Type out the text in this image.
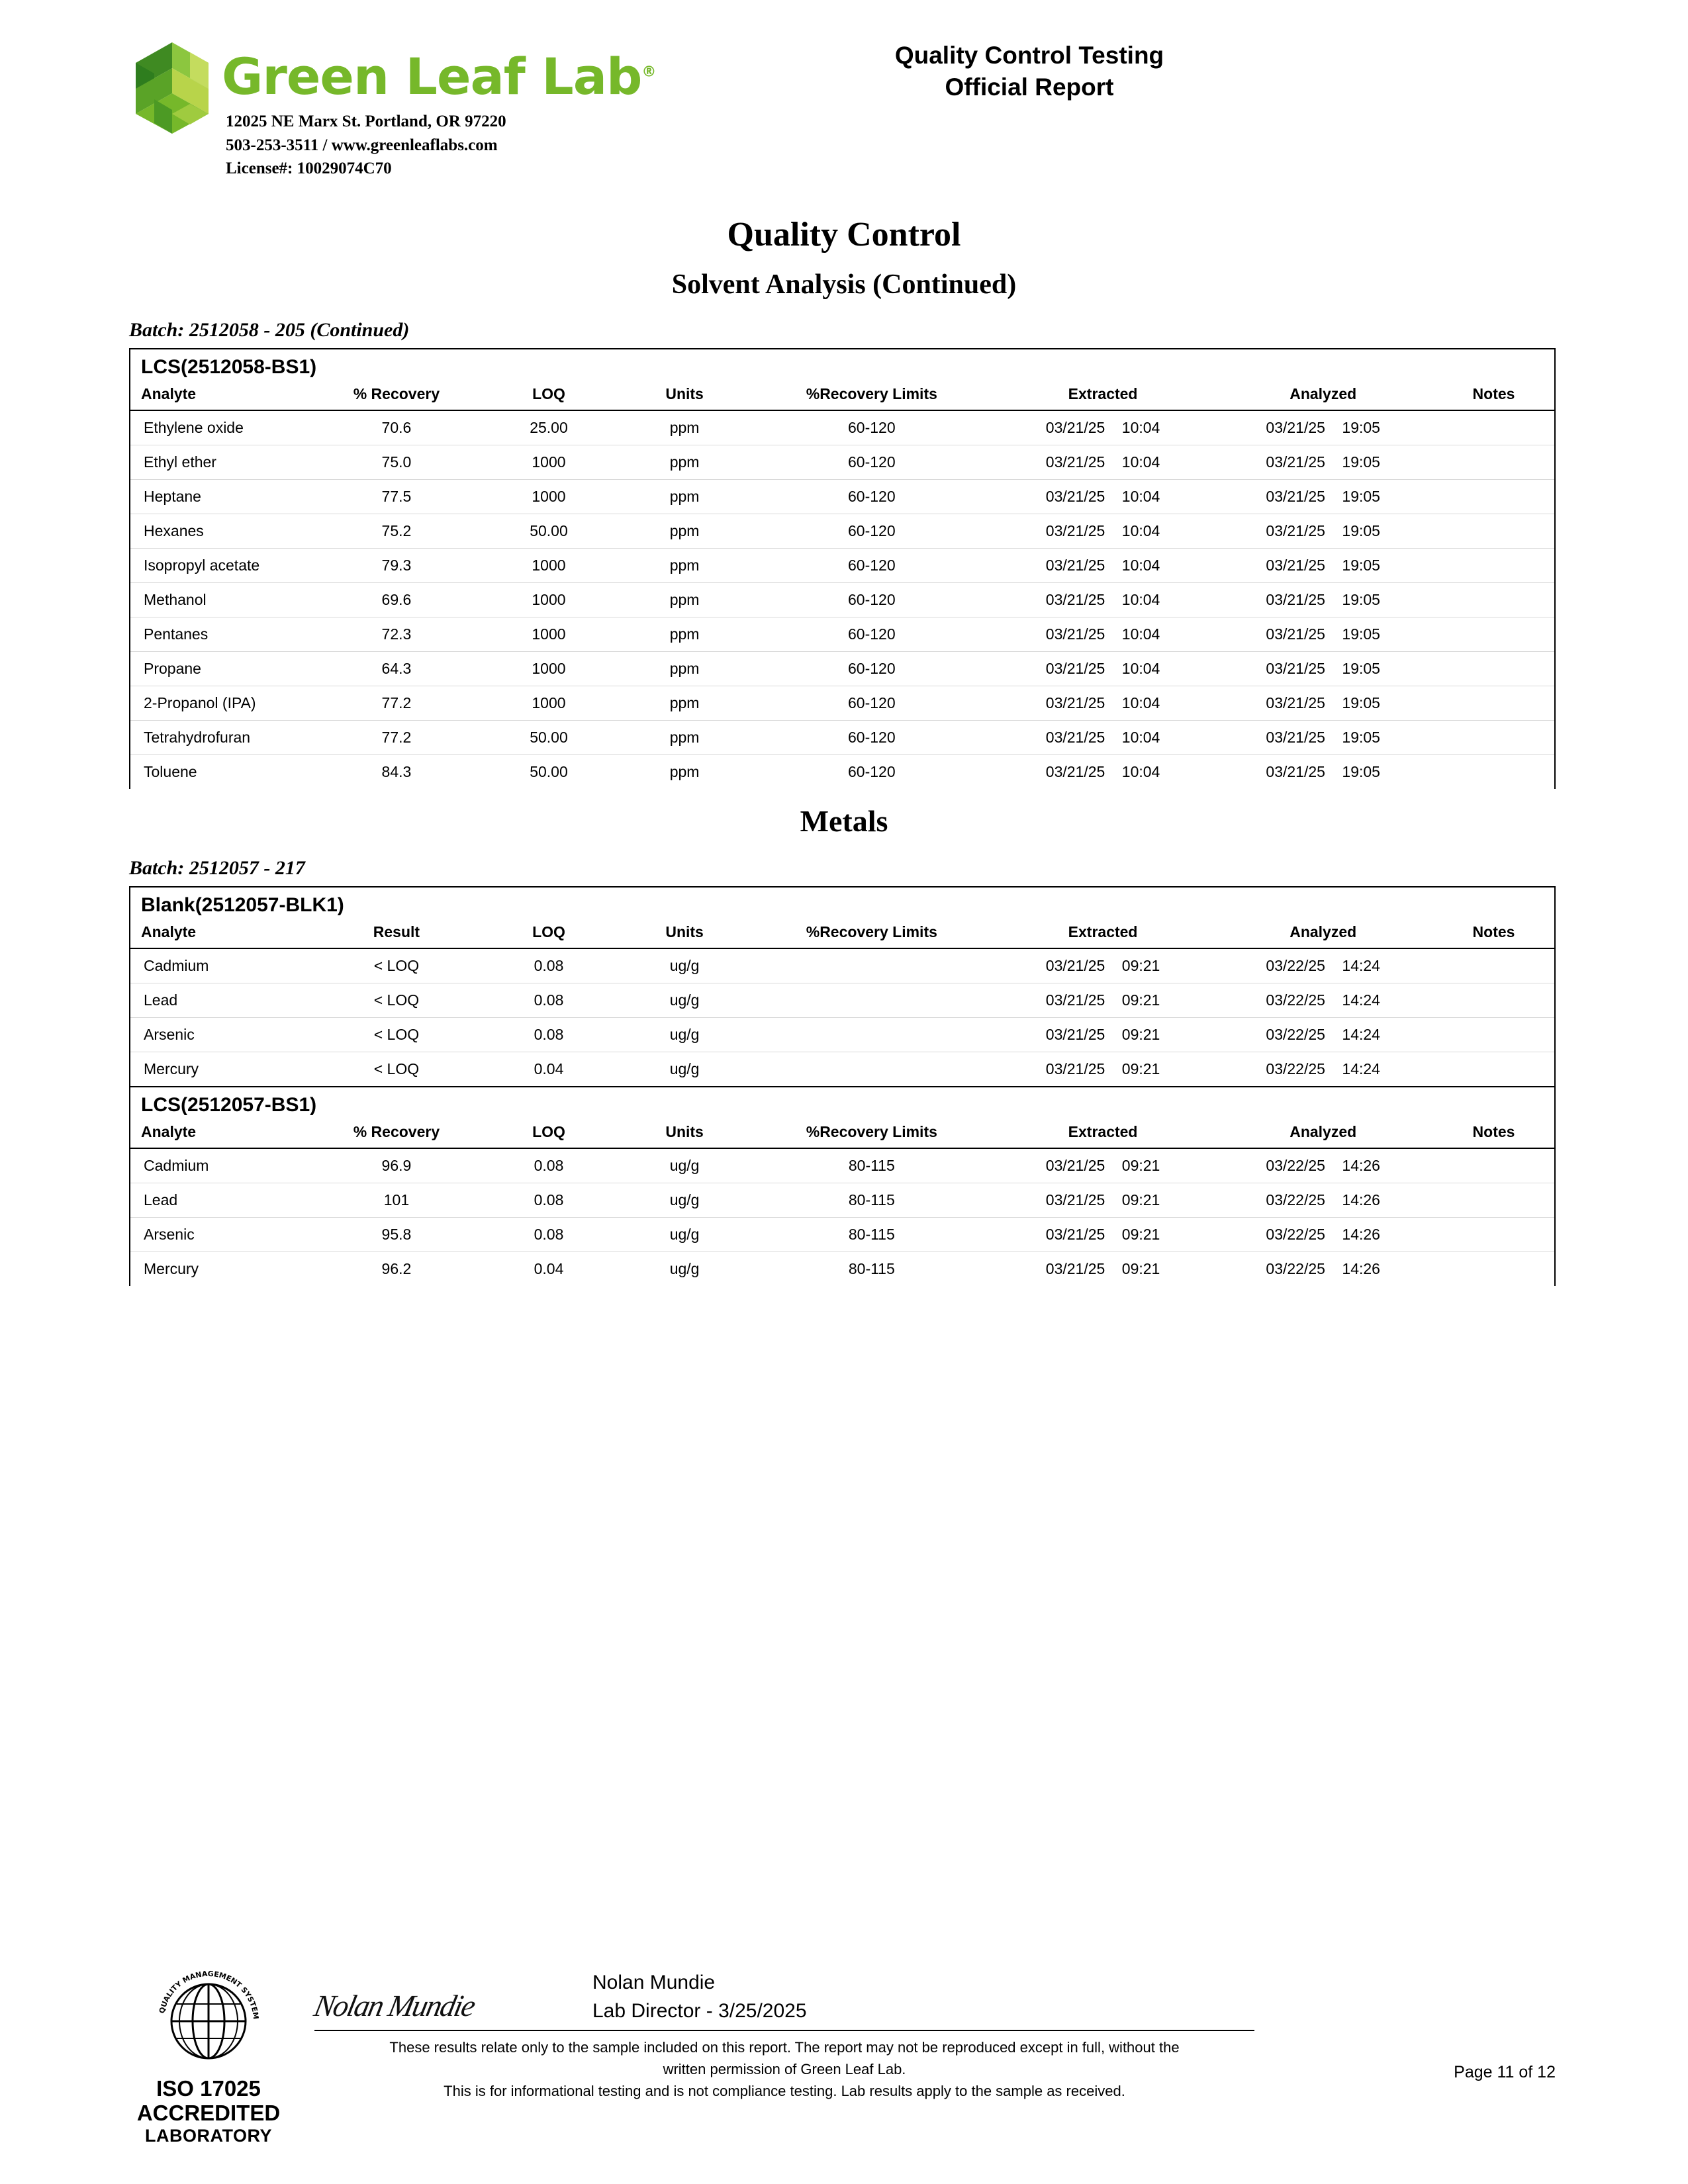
Green Leaf Lab®
12025 NE Marx St. Portland, OR 97220
503-253-3511 / www.greenleaflabs.com
License#: 10029074C70
Quality Control Testing
Official Report
Quality Control
Solvent Analysis (Continued)
Batch: 2512058 - 205 (Continued)
LCS(2512058-BS1)
Analyte	% Recovery	LOQ	Units	%Recovery Limits	Extracted	Analyzed	Notes
Ethylene oxide	70.6	25.00	ppm	60-120	03/21/25 10:04	03/21/25 19:05	
Ethyl ether	75.0	1000	ppm	60-120	03/21/25 10:04	03/21/25 19:05	
Heptane	77.5	1000	ppm	60-120	03/21/25 10:04	03/21/25 19:05	
Hexanes	75.2	50.00	ppm	60-120	03/21/25 10:04	03/21/25 19:05	
Isopropyl acetate	79.3	1000	ppm	60-120	03/21/25 10:04	03/21/25 19:05	
Methanol	69.6	1000	ppm	60-120	03/21/25 10:04	03/21/25 19:05	
Pentanes	72.3	1000	ppm	60-120	03/21/25 10:04	03/21/25 19:05	
Propane	64.3	1000	ppm	60-120	03/21/25 10:04	03/21/25 19:05	
2-Propanol (IPA)	77.2	1000	ppm	60-120	03/21/25 10:04	03/21/25 19:05	
Tetrahydrofuran	77.2	50.00	ppm	60-120	03/21/25 10:04	03/21/25 19:05	
Toluene	84.3	50.00	ppm	60-120	03/21/25 10:04	03/21/25 19:05	
Metals
Batch: 2512057 - 217
Blank(2512057-BLK1)
Analyte	Result	LOQ	Units	%Recovery Limits	Extracted	Analyzed	Notes
Cadmium	< LOQ	0.08	ug/g		03/21/25 09:21	03/22/25 14:24	
Lead	< LOQ	0.08	ug/g		03/21/25 09:21	03/22/25 14:24	
Arsenic	< LOQ	0.08	ug/g		03/21/25 09:21	03/22/25 14:24	
Mercury	< LOQ	0.04	ug/g		03/21/25 09:21	03/22/25 14:24	
LCS(2512057-BS1)
Analyte	% Recovery	LOQ	Units	%Recovery Limits	Extracted	Analyzed	Notes
Cadmium	96.9	0.08	ug/g	80-115	03/21/25 09:21	03/22/25 14:26	
Lead	101	0.08	ug/g	80-115	03/21/25 09:21	03/22/25 14:26	
Arsenic	95.8	0.08	ug/g	80-115	03/21/25 09:21	03/22/25 14:26	
Mercury	96.2	0.04	ug/g	80-115	03/21/25 09:21	03/22/25 14:26	
QUALITY MANAGEMENT SYSTEM
ISO 17025
ACCREDITED
LABORATORY
Nolan Mundie
Nolan Mundie
Lab Director - 3/25/2025
These results relate only to the sample included on this report. The report may not be reproduced except in full, without the
written permission of Green Leaf Lab.
This is for informational testing and is not compliance testing. Lab results apply to the sample as received.
Page 11 of 12
